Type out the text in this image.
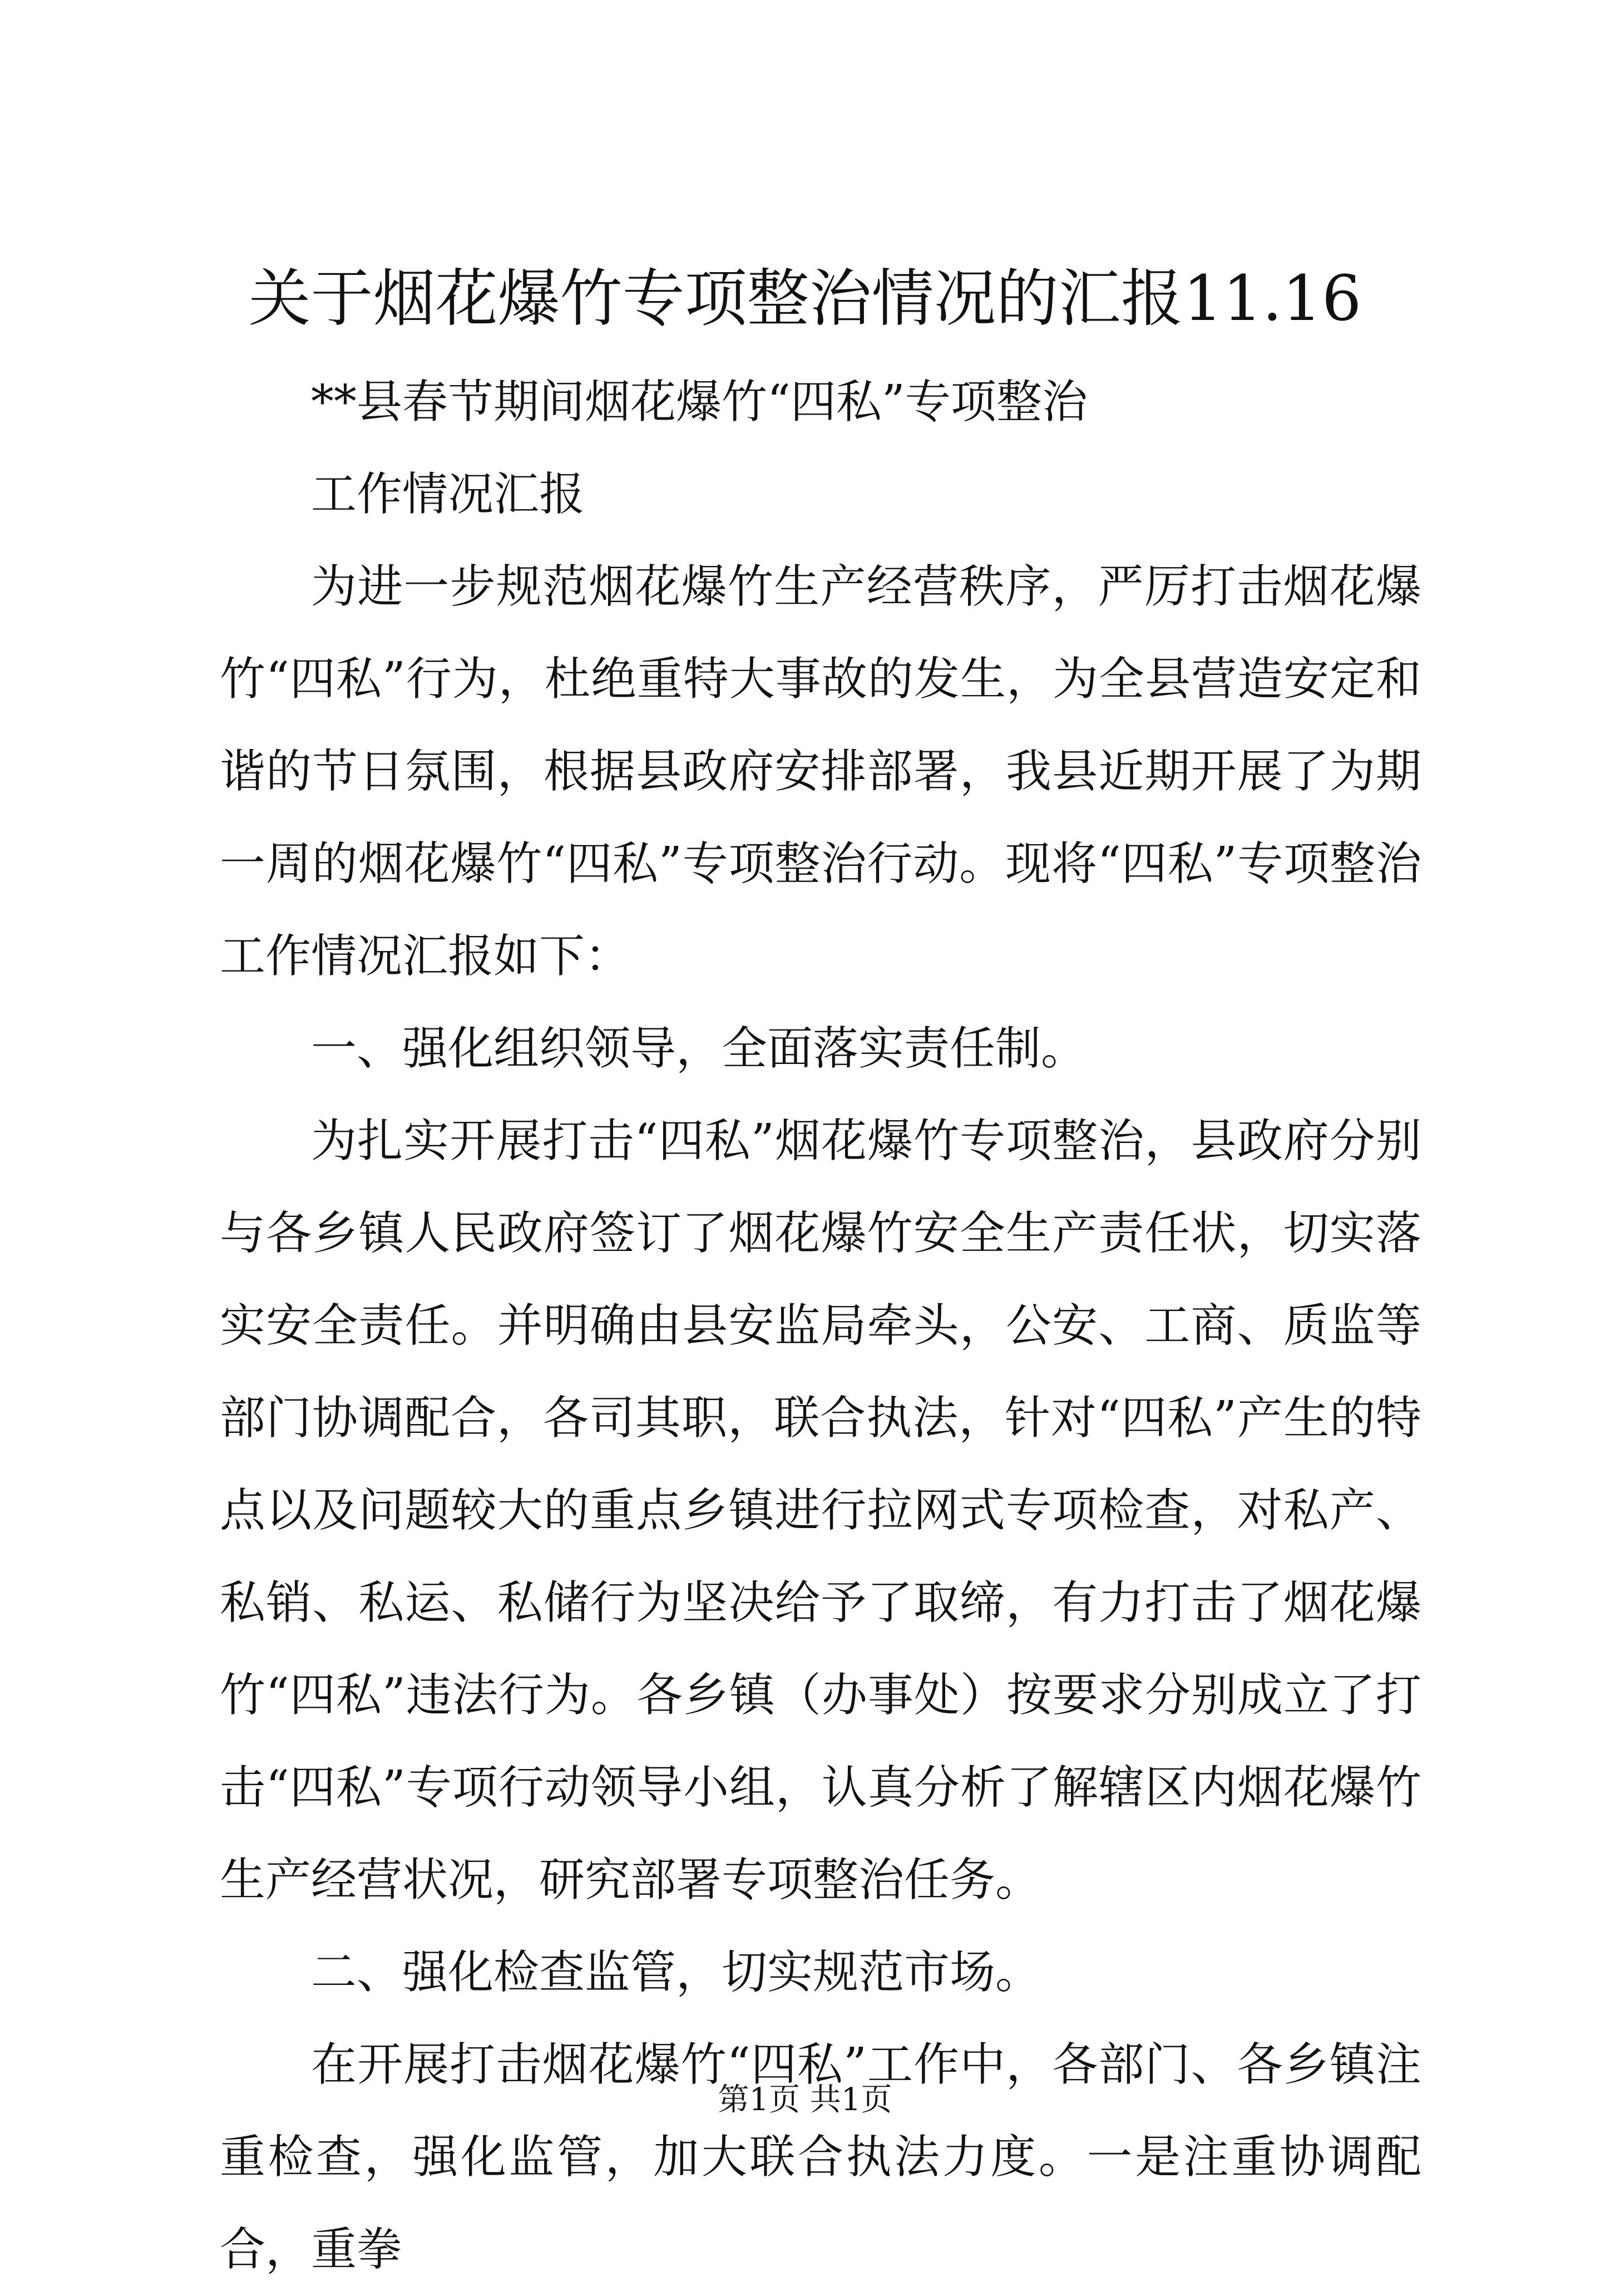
关于烟花爆竹专项整治情况的汇报11.16

**县春节期间烟花爆竹“四私”专项整治

工作情况汇报

为进一步规范烟花爆竹生产经营秩序，严厉打击烟花爆竹“四私”行为，杜绝重特大事故的发生，为全县营造安定和谐的节日氛围，根据县政府安排部署，我县近期开展了为期一周的烟花爆竹“四私”专项整治行动。现将“四私”专项整治工作情况汇报如下：

一、强化组织领导，全面落实责任制。

为扎实开展打击“四私”烟花爆竹专项整治，县政府分别与各乡镇人民政府签订了烟花爆竹安全生产责任状，切实落实安全责任。并明确由县安监局牵头，公安、工商、质监等部门协调配合，各司其职，联合执法，针对“四私”产生的特点以及问题较大的重点乡镇进行拉网式专项检查，对私产、私销、私运、私储行为坚决给予了取缔，有力打击了烟花爆竹“四私”违法行为。各乡镇（办事处）按要求分别成立了打击“四私”专项行动领导小组，认真分析了解辖区内烟花爆竹生产经营状况，研究部署专项整治任务。

二、强化检查监管，切实规范市场。

在开展打击烟花爆竹“四私”工作中，各部门、各乡镇注重检查，强化监管，加大联合执法力度。一是注重协调配合，重拳

第1页 共1页
